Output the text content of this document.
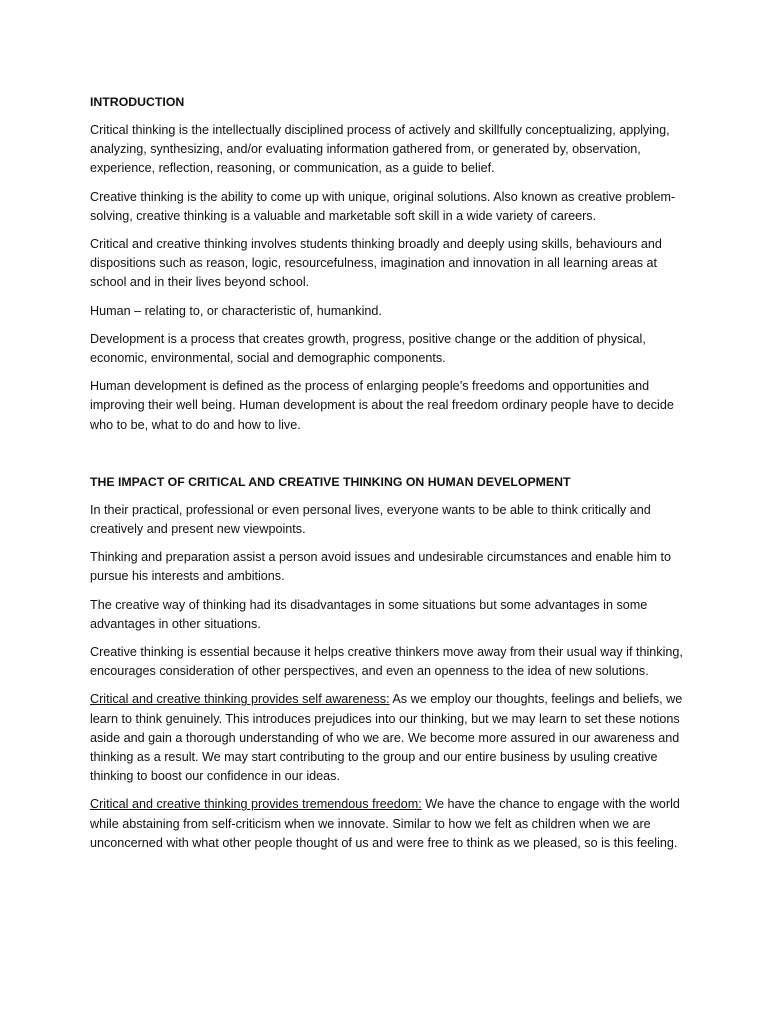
INTRODUCTION

Critical thinking is the intellectually disciplined process of actively and skillfully conceptualizing, applying, analyzing, synthesizing, and/or evaluating information gathered from, or generated by, observation, experience, reflection, reasoning, or communication, as a guide to belief.

Creative thinking is the ability to come up with unique, original solutions. Also known as creative problem-solving, creative thinking is a valuable and marketable soft skill in a wide variety of careers.

Critical and creative thinking involves students thinking broadly and deeply using skills, behaviours and dispositions such as reason, logic, resourcefulness, imagination and innovation in all learning areas at school and in their lives beyond school.

Human – relating to, or characteristic of, humankind.

Development is a process that creates growth, progress, positive change or the addition of physical, economic, environmental, social and demographic components.

Human development is defined as the process of enlarging people’s freedoms and opportunities and improving their well being. Human development is about the real freedom ordinary people have to decide who to be, what to do and how to live.

THE IMPACT OF CRITICAL AND CREATIVE THINKING ON HUMAN DEVELOPMENT

In their practical, professional or even personal lives, everyone wants to be able to think critically and creatively and present new viewpoints.

Thinking and preparation assist a person avoid issues and undesirable circumstances and enable him to pursue his interests and ambitions.

The creative way of thinking had its disadvantages in some situations but some advantages in some advantages in other situations.

Creative thinking is essential because it helps creative thinkers move away from their usual way if thinking, encourages consideration of other perspectives, and even an openness to the idea of new solutions.

Critical and creative thinking provides self awareness: As we employ our thoughts, feelings and beliefs, we learn to think genuinely. This introduces prejudices into our thinking, but we may learn to set these notions aside and gain a thorough understanding of who we are. We become more assured in our awareness and thinking as a result. We may start contributing to the group and our entire business by usuling creative thinking to boost our confidence in our ideas.

Critical and creative thinking provides tremendous freedom: We have the chance to engage with the world while abstaining from self-criticism when we innovate. Similar to how we felt as children when we are unconcerned with what other people thought of us and were free to think as we pleased, so is this feeling.
